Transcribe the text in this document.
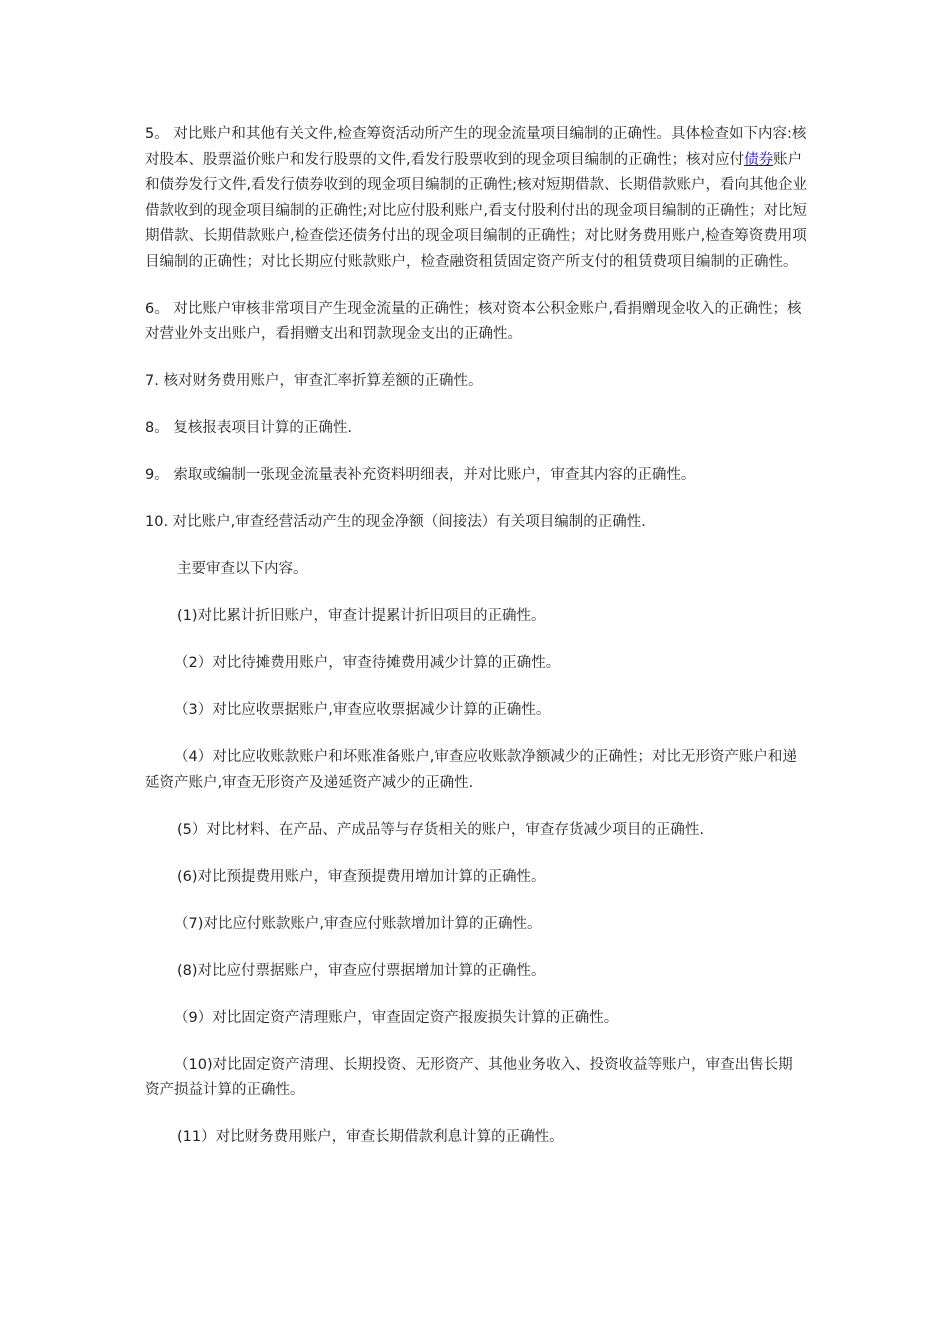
5。 对比账户和其他有关文件,检查筹资活动所产生的现金流量项目编制的正确性。具体检查如下内容:核对股本、股票溢价账户和发行股票的文件,看发行股票收到的现金项目编制的正确性；核对应付债券账户和债券发行文件,看发行债券收到的现金项目编制的正确性;核对短期借款、长期借款账户，看向其他企业借款收到的现金项目编制的正确性;对比应付股利账户,看支付股利付出的现金项目编制的正确性；对比短期借款、长期借款账户,检查偿还债务付出的现金项目编制的正确性；对比财务费用账户,检查筹资费用项目编制的正确性；对比长期应付账款账户，检查融资租赁固定资产所支付的租赁费项目编制的正确性。

6。 对比账户审核非常项目产生现金流量的正确性；核对资本公积金账户,看捐赠现金收入的正确性；核对营业外支出账户，看捐赠支出和罚款现金支出的正确性。

7. 核对财务费用账户，审查汇率折算差额的正确性。

8。 复核报表项目计算的正确性.

9。 索取或编制一张现金流量表补充资料明细表，并对比账户，审查其内容的正确性。

10. 对比账户,审查经营活动产生的现金净额（间接法）有关项目编制的正确性.

主要审查以下内容。

(1)对比累计折旧账户，审查计提累计折旧项目的正确性。

（2）对比待摊费用账户，审查待摊费用减少计算的正确性。

（3）对比应收票据账户,审查应收票据减少计算的正确性。

（4）对比应收账款账户和坏账准备账户,审查应收账款净额减少的正确性；对比无形资产账户和递延资产账户,审查无形资产及递延资产减少的正确性.

(5）对比材料、在产品、产成品等与存货相关的账户，审查存货减少项目的正确性.

(6)对比预提费用账户，审查预提费用增加计算的正确性。

（7)对比应付账款账户,审查应付账款增加计算的正确性。

(8)对比应付票据账户，审查应付票据增加计算的正确性。

（9）对比固定资产清理账户，审查固定资产报废损失计算的正确性。

（10)对比固定资产清理、长期投资、无形资产、其他业务收入、投资收益等账户，审查出售长期资产损益计算的正确性。

(11）对比财务费用账户，审查长期借款利息计算的正确性。
